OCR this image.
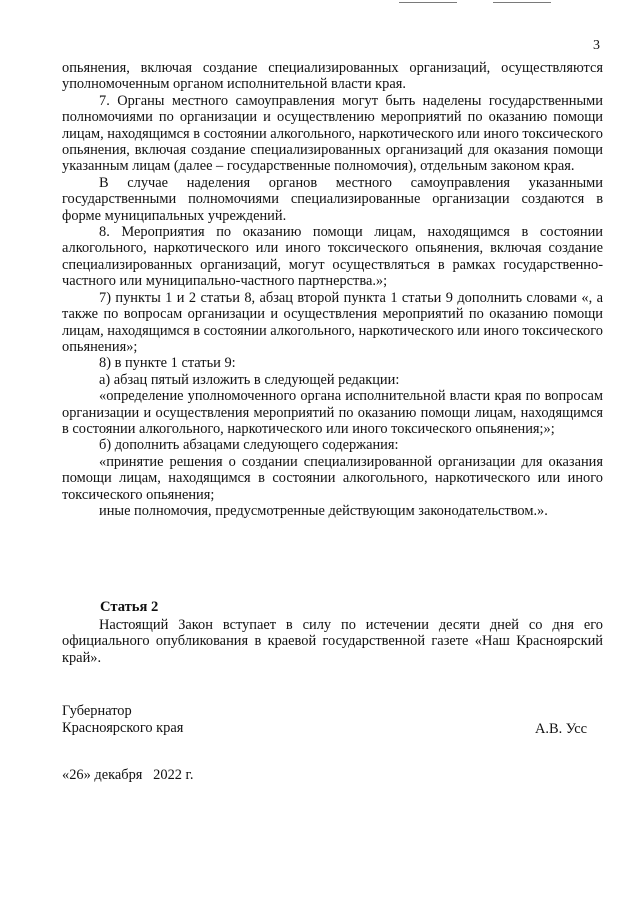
3

опьянения, включая создание специализированных организаций, осуществляются уполномоченным органом исполнительной власти края.

7. Органы местного самоуправления могут быть наделены государственными полномочиями по организации и осуществлению мероприятий по оказанию помощи лицам, находящимся в состоянии алкогольного, наркотического или иного токсического опьянения, включая создание специализированных организаций для оказания помощи указанным лицам (далее – государственные полномочия), отдельным законом края.

В случае наделения органов местного самоуправления указанными государственными полномочиями специализированные организации создаются в форме муниципальных учреждений.

8. Мероприятия по оказанию помощи лицам, находящимся в состоянии алкогольного, наркотического или иного токсического опьянения, включая создание специализированных организаций, могут осуществляться в рамках государственно-частного или муниципально-частного партнерства.»;

7) пункты 1 и 2 статьи 8, абзац второй пункта 1 статьи 9 дополнить словами «, а также по вопросам организации и осуществления мероприятий по оказанию помощи лицам, находящимся в состоянии алкогольного, наркотического или иного токсического опьянения»;

8) в пункте 1 статьи 9:

а) абзац пятый изложить в следующей редакции:

«определение уполномоченного органа исполнительной власти края по вопросам организации и осуществления мероприятий по оказанию помощи лицам, находящимся в состоянии алкогольного, наркотического или иного токсического опьянения;»;

б) дополнить абзацами следующего содержания:

«принятие решения о создании специализированной организации для оказания помощи лицам, находящимся в состоянии алкогольного, наркотического или иного токсического опьянения;

иные полномочия, предусмотренные действующим законодательством.».

Статья 2

Настоящий Закон вступает в силу по истечении десяти дней со дня его официального опубликования в краевой государственной газете «Наш Красноярский край».

Губернатор
Красноярского края	А.В. Усс
«26» декабря   2022 г.
